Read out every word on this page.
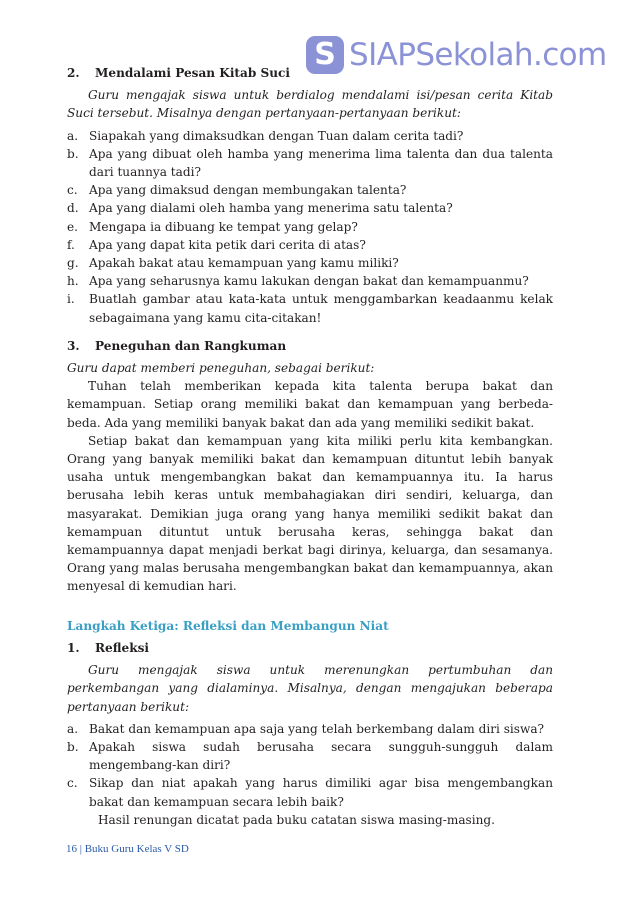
S SIAPSekolah.com
2.	Mendalami Pesan Kitab Suci

Guru mengajak siswa untuk berdialog mendalami isi/pesan cerita Kitab Suci tersebut. Misalnya dengan pertanyaan-pertanyaan berikut:

a. Siapakah yang dimaksudkan dengan Tuan dalam cerita tadi?
b. Apa yang dibuat oleh hamba yang menerima lima talenta dan dua talenta dari tuannya tadi?
c. Apa yang dimaksud dengan membungakan talenta?
d. Apa yang dialami oleh hamba yang menerima satu talenta?
e. Mengapa ia dibuang ke tempat yang gelap?
f.	Apa yang dapat kita petik dari cerita di atas?
g. Apakah bakat atau kemampuan yang kamu miliki?
h. Apa yang seharusnya kamu lakukan dengan bakat dan kemampuanmu?
i.	Buatlah gambar atau kata-kata untuk menggambarkan keadaanmu kelak sebagaimana yang kamu cita-citakan!
3.	Peneguhan dan Rangkuman

Guru dapat memberi peneguhan, sebagai berikut:

Tuhan telah memberikan kepada kita talenta berupa bakat dan kemampuan. Setiap orang memiliki bakat dan kemampuan yang berbeda-beda. Ada yang memiliki banyak bakat dan ada yang memiliki sedikit bakat.

Setiap bakat dan kemampuan yang kita miliki perlu kita kembangkan. Orang yang banyak memiliki bakat dan kemampuan dituntut lebih banyak usaha untuk mengembangkan bakat dan kemampuannya itu. Ia harus berusaha lebih keras untuk membahagiakan diri sendiri, keluarga, dan masyarakat. Demikian juga orang yang hanya memiliki sedikit bakat dan kemampuan dituntut untuk berusaha keras, sehingga bakat dan kemampuannya dapat menjadi berkat bagi dirinya, keluarga, dan sesamanya. Orang yang malas berusaha mengembangkan bakat dan kemampuannya, akan menyesal di kemudian hari.

Langkah Ketiga: Refleksi dan Membangun Niat
1.	Refleksi

Guru mengajak siswa untuk merenungkan pertumbuhan dan perkembangan yang dialaminya. Misalnya, dengan mengajukan beberapa pertanyaan berikut:

a. Bakat dan kemampuan apa saja yang telah berkembang dalam diri siswa?
b. Apakah siswa sudah berusaha secara sungguh-sungguh dalam mengembang-kan diri?
c. Sikap dan niat apakah yang harus dimiliki agar bisa mengembangkan bakat dan kemampuan secara lebih baik?

Hasil renungan dicatat pada buku catatan siswa masing-masing.

16 | Buku Guru Kelas V SD
